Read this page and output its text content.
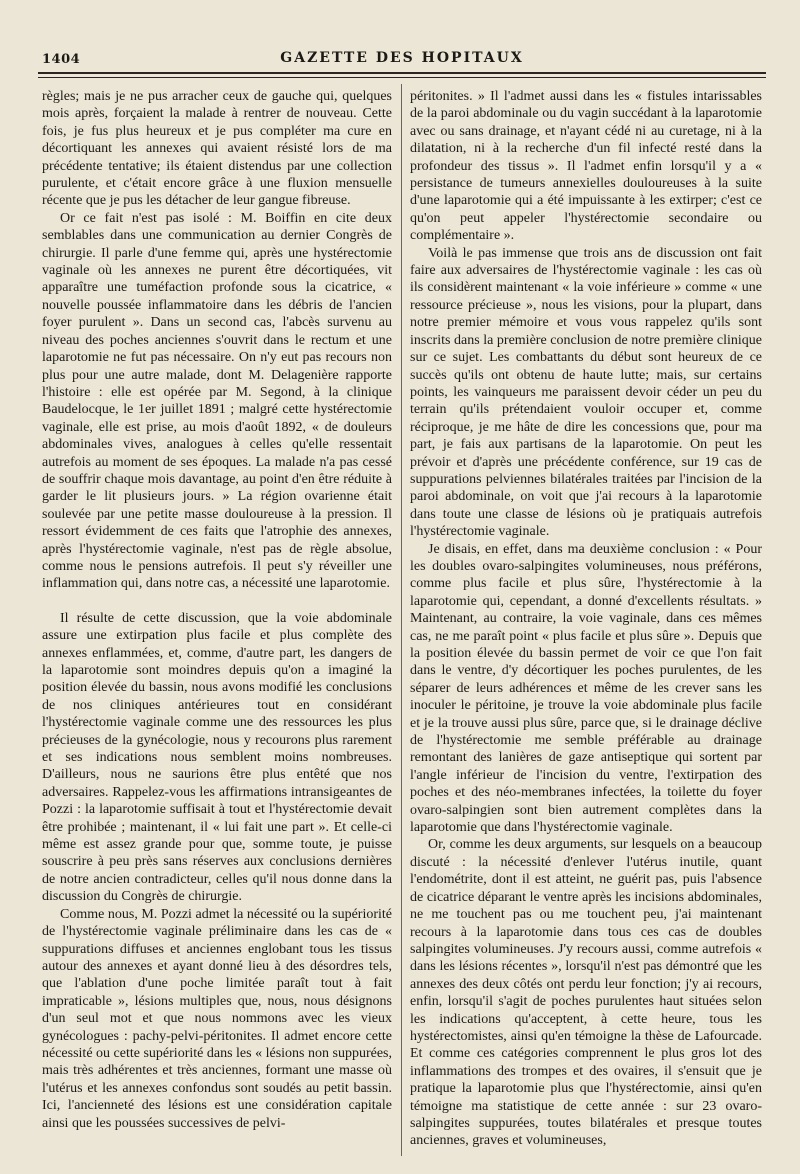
1404	GAZETTE DES HOPITAUX

règles; mais je ne pus arracher ceux de gauche qui, quelques mois après, forçaient la malade à rentrer de nouveau. Cette fois, je fus plus heureux et je pus compléter ma cure en décortiquant les annexes qui avaient résisté lors de ma précédente tentative; ils étaient distendus par une collection purulente, et c'était encore grâce à une fluxion mensuelle récente que je pus les détacher de leur gangue fibreuse.

Or ce fait n'est pas isolé : M. Boiffin en cite deux semblables dans une communication au dernier Congrès de chirurgie. Il parle d'une femme qui, après une hystérectomie vaginale où les annexes ne purent être décortiquées, vit apparaître une tuméfaction profonde sous la cicatrice, « nouvelle poussée inflammatoire dans les débris de l'ancien foyer purulent ». Dans un second cas, l'abcès survenu au niveau des poches anciennes s'ouvrit dans le rectum et une laparotomie ne fut pas nécessaire. On n'y eut pas recours non plus pour une autre malade, dont M. Delagenière rapporte l'histoire : elle est opérée par M. Segond, à la clinique Baudelocque, le 1er juillet 1891 ; malgré cette hystérectomie vaginale, elle est prise, au mois d'août 1892, « de douleurs abdominales vives, analogues à celles qu'elle ressentait autrefois au moment de ses époques. La malade n'a pas cessé de souffrir chaque mois davantage, au point d'en être réduite à garder le lit plusieurs jours. » La région ovarienne était soulevée par une petite masse douloureuse à la pression. Il ressort évidemment de ces faits que l'atrophie des annexes, après l'hystérectomie vaginale, n'est pas de règle absolue, comme nous le pensions autrefois. Il peut s'y réveiller une inflammation qui, dans notre cas, a nécessité une laparotomie.

Il résulte de cette discussion, que la voie abdominale assure une extirpation plus facile et plus complète des annexes enflammées, et, comme, d'autre part, les dangers de la laparotomie sont moindres depuis qu'on a imaginé la position élevée du bassin, nous avons modifié les conclusions de nos cliniques antérieures tout en considérant l'hystérectomie vaginale comme une des ressources les plus précieuses de la gynécologie, nous y recourons plus rarement et ses indications nous semblent moins nombreuses. D'ailleurs, nous ne saurions être plus entêté que nos adversaires. Rappelez-vous les affirmations intransigeantes de Pozzi : la laparotomie suffisait à tout et l'hystérectomie devait être prohibée ; maintenant, il « lui fait une part ». Et celle-ci même est assez grande pour que, somme toute, je puisse souscrire à peu près sans réserves aux conclusions dernières de notre ancien contradicteur, celles qu'il nous donne dans la discussion du Congrès de chirurgie.

Comme nous, M. Pozzi admet la nécessité ou la supériorité de l'hystérectomie vaginale préliminaire dans les cas de « suppurations diffuses et anciennes englobant tous les tissus autour des annexes et ayant donné lieu à des désordres tels, que l'ablation d'une poche limitée paraît tout à fait impraticable », lésions multiples que, nous, nous désignons d'un seul mot et que nous nommons avec les vieux gynécologues : pachy-pelvi-péritonites. Il admet encore cette nécessité ou cette supériorité dans les « lésions non suppurées, mais très adhérentes et très anciennes, formant une masse où l'utérus et les annexes confondus sont soudés au petit bassin. Ici, l'ancienneté des lésions est une considération capitale ainsi que les poussées successives de pelvi-

péritonites. » Il l'admet aussi dans les « fistules intarissables de la paroi abdominale ou du vagin succédant à la laparotomie avec ou sans drainage, et n'ayant cédé ni au curetage, ni à la dilatation, ni à la recherche d'un fil infecté resté dans la profondeur des tissus ». Il l'admet enfin lorsqu'il y a « persistance de tumeurs annexielles douloureuses à la suite d'une laparotomie qui a été impuissante à les extirper; c'est ce qu'on peut appeler l'hystérectomie secondaire ou complémentaire ».

Voilà le pas immense que trois ans de discussion ont fait faire aux adversaires de l'hystérectomie vaginale : les cas où ils considèrent maintenant « la voie inférieure » comme « une ressource précieuse », nous les visions, pour la plupart, dans notre premier mémoire et vous vous rappelez qu'ils sont inscrits dans la première conclusion de notre première clinique sur ce sujet. Les combattants du début sont heureux de ce succès qu'ils ont obtenu de haute lutte; mais, sur certains points, les vainqueurs me paraissent devoir céder un peu du terrain qu'ils prétendaient vouloir occuper et, comme réciproque, je me hâte de dire les concessions que, pour ma part, je fais aux partisans de la laparotomie. On peut les prévoir et d'après une précédente conférence, sur 19 cas de suppurations pelviennes bilatérales traitées par l'incision de la paroi abdominale, on voit que j'ai recours à la laparotomie dans toute une classe de lésions où je pratiquais autrefois l'hystérectomie vaginale.

Je disais, en effet, dans ma deuxième conclusion : « Pour les doubles ovaro-salpingites volumineuses, nous préférons, comme plus facile et plus sûre, l'hystérectomie à la laparotomie qui, cependant, a donné d'excellents résultats. » Maintenant, au contraire, la voie vaginale, dans ces mêmes cas, ne me paraît point « plus facile et plus sûre ». Depuis que la position élevée du bassin permet de voir ce que l'on fait dans le ventre, d'y décortiquer les poches purulentes, de les séparer de leurs adhérences et même de les crever sans les inoculer le péritoine, je trouve la voie abdominale plus facile et je la trouve aussi plus sûre, parce que, si le drainage déclive de l'hystérectomie me semble préférable au drainage remontant des lanières de gaze antiseptique qui sortent par l'angle inférieur de l'incision du ventre, l'extirpation des poches et des néo-membranes infectées, la toilette du foyer ovaro-salpingien sont bien autrement complètes dans la laparotomie que dans l'hystérectomie vaginale.

Or, comme les deux arguments, sur lesquels on a beaucoup discuté : la nécessité d'enlever l'utérus inutile, quant l'endométrite, dont il est atteint, ne guérit pas, puis l'absence de cicatrice déparant le ventre après les incisions abdominales, ne me touchent pas ou me touchent peu, j'ai maintenant recours à la laparotomie dans tous ces cas de doubles salpingites volumineuses. J'y recours aussi, comme autrefois « dans les lésions récentes », lorsqu'il n'est pas démontré que les annexes des deux côtés ont perdu leur fonction; j'y ai recours, enfin, lorsqu'il s'agit de poches purulentes haut situées selon les indications qu'acceptent, à cette heure, tous les hystérectomistes, ainsi qu'en témoigne la thèse de Lafourcade. Et comme ces catégories comprennent le plus gros lot des inflammations des trompes et des ovaires, il s'ensuit que je pratique la laparotomie plus que l'hystérectomie, ainsi qu'en témoigne ma statistique de cette année : sur 23 ovaro-salpingites suppurées, toutes bilatérales et presque toutes anciennes, graves et volumineuses,
